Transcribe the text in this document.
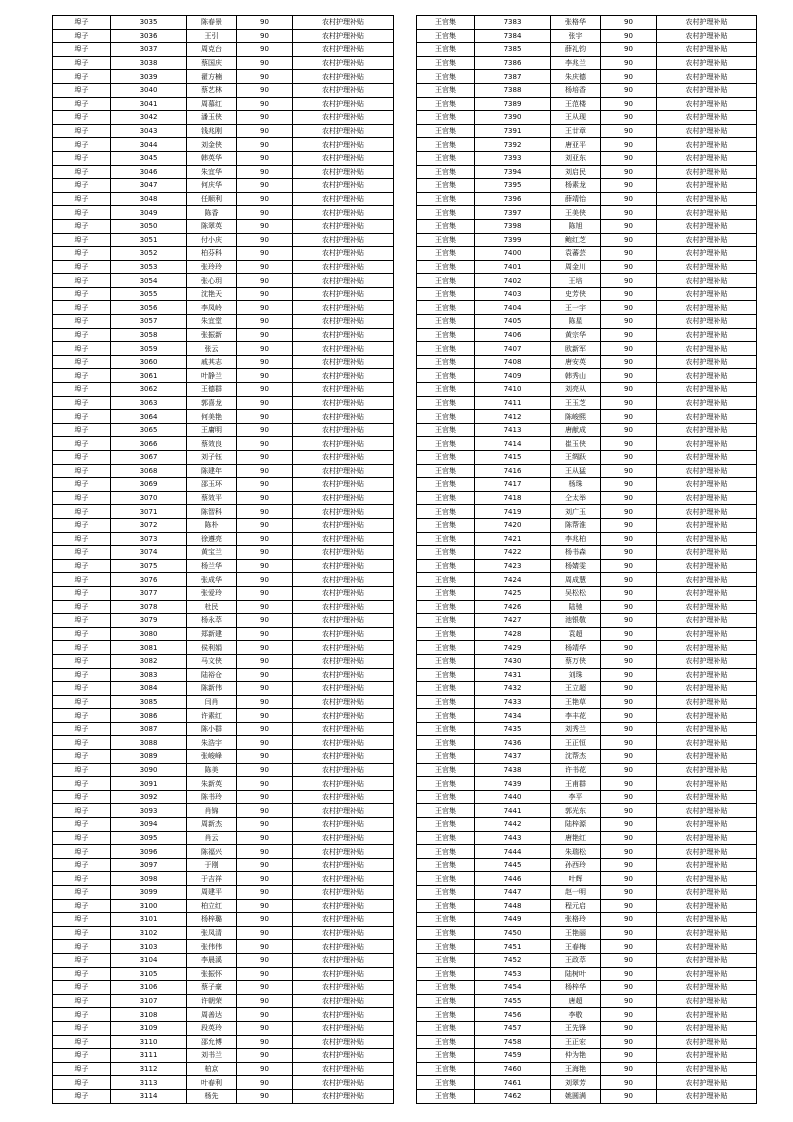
埠子	3035	陈春景	90	农村护理补贴
埠子	3036	王引	90	农村护理补贴
埠子	3037	周克台	90	农村护理补贴
埠子	3038	蔡国庆	90	农村护理补贴
埠子	3039	翟方楠	90	农村护理补贴
埠子	3040	蔡艺林	90	农村护理补贴
埠子	3041	周慕红	90	农村护理补贴
埠子	3042	潘玉侠	90	农村护理补贴
埠子	3043	钱兆刚	90	农村护理补贴
埠子	3044	刘金侠	90	农村护理补贴
埠子	3045	韩英华	90	农村护理补贴
埠子	3046	朱宜华	90	农村护理补贴
埠子	3047	何庆华	90	农村护理补贴
埠子	3048	任顺利	90	农村护理补贴
埠子	3049	陈香	90	农村护理补贴
埠子	3050	陈翠英	90	农村护理补贴
埠子	3051	付小庆	90	农村护理补贴
埠子	3052	柏芬科	90	农村护理补贴
埠子	3053	张玲玲	90	农村护理补贴
埠子	3054	张心玥	90	农村护理补贴
埠子	3055	沈艳天	90	农村护理补贴
埠子	3056	李凤岭	90	农村护理补贴
埠子	3057	朱宜堂	90	农村护理补贴
埠子	3058	张振新	90	农村护理补贴
埠子	3059	张云	90	农村护理补贴
埠子	3060	戚其志	90	农村护理补贴
埠子	3061	叶静兰	90	农村护理补贴
埠子	3062	王德群	90	农村护理补贴
埠子	3063	郭喜龙	90	农村护理补贴
埠子	3064	何美艳	90	农村护理补贴
埠子	3065	王庸明	90	农村护理补贴
埠子	3066	蔡效良	90	农村护理补贴
埠子	3067	刘子钰	90	农村护理补贴
埠子	3068	陈建年	90	农村护理补贴
埠子	3069	邵玉环	90	农村护理补贴
埠子	3070	蔡效平	90	农村护理补贴
埠子	3071	陈智科	90	农村护理补贴
埠子	3072	陈朴	90	农村护理补贴
埠子	3073	徐遵亮	90	农村护理补贴
埠子	3074	黄宝兰	90	农村护理补贴
埠子	3075	杨兰华	90	农村护理补贴
埠子	3076	张成华	90	农村护理补贴
埠子	3077	张爱玲	90	农村护理补贴
埠子	3078	杜民	90	农村护理补贴
埠子	3079	杨永萃	90	农村护理补贴
埠子	3080	郑新建	90	农村护理补贴
埠子	3081	侯利娟	90	农村护理补贴
埠子	3082	马文侠	90	农村护理补贴
埠子	3083	陆裕仓	90	农村护理补贴
埠子	3084	陈新伟	90	农村护理补贴
埠子	3085	闫肖	90	农村护理补贴
埠子	3086	许素红	90	农村护理补贴
埠子	3087	陈小群	90	农村护理补贴
埠子	3088	朱浩宇	90	农村护理补贴
埠子	3089	张峻峰	90	农村护理补贴
埠子	3090	陈美	90	农村护理补贴
埠子	3091	朱新英	90	农村护理补贴
埠子	3092	陈书玲	90	农村护理补贴
埠子	3093	肖锦	90	农村护理补贴
埠子	3094	周新杰	90	农村护理补贴
埠子	3095	肖云	90	农村护理补贴
埠子	3096	陈福兴	90	农村护理补贴
埠子	3097	于刚	90	农村护理补贴
埠子	3098	于吉祥	90	农村护理补贴
埠子	3099	周建平	90	农村护理补贴
埠子	3100	柏立红	90	农村护理补贴
埠子	3101	杨梓璐	90	农村护理补贴
埠子	3102	张凤清	90	农村护理补贴
埠子	3103	张伟伟	90	农村护理补贴
埠子	3104	李晨溪	90	农村护理补贴
埠子	3105	张振怀	90	农村护理补贴
埠子	3106	蔡子豪	90	农村护理补贴
埠子	3107	许朝荣	90	农村护理补贴
埠子	3108	周善达	90	农村护理补贴
埠子	3109	段英玲	90	农村护理补贴
埠子	3110	邵允博	90	农村护理补贴
埠子	3111	刘书兰	90	农村护理补贴
埠子	3112	柏京	90	农村护理补贴
埠子	3113	叶春利	90	农村护理补贴
埠子	3114	杨先	90	农村护理补贴
王官集	7383	张格华	90	农村护理补贴
王官集	7384	张宇	90	农村护理补贴
王官集	7385	薛礼钧	90	农村护理补贴
王官集	7386	李兆兰	90	农村护理补贴
王官集	7387	朱庆德	90	农村护理补贴
王官集	7388	杨培香	90	农村护理补贴
王官集	7389	王范楼	90	农村护理补贴
王官集	7390	王从现	90	农村护理补贴
王官集	7391	王廿章	90	农村护理补贴
王官集	7392	唐亚平	90	农村护理补贴
王官集	7393	刘亚东	90	农村护理补贴
王官集	7394	刘启民	90	农村护理补贴
王官集	7395	杨素龙	90	农村护理补贴
王官集	7396	薛靖怡	90	农村护理补贴
王官集	7397	王美侠	90	农村护理补贴
王官集	7398	陈旭	90	农村护理补贴
王官集	7399	鲍红芝	90	农村护理补贴
王官集	7400	袁蕃芸	90	农村护理补贴
王官集	7401	周金川	90	农村护理补贴
王官集	7402	王培	90	农村护理补贴
王官集	7403	史芳侠	90	农村护理补贴
王官集	7404	王一宇	90	农村护理补贴
王官集	7405	陈星	90	农村护理补贴
王官集	7406	黄宗华	90	农村护理补贴
王官集	7407	欧新军	90	农村护理补贴
王官集	7408	唐安英	90	农村护理补贴
王官集	7409	韩秀山	90	农村护理补贴
王官集	7410	刘亮从	90	农村护理补贴
王官集	7411	王玉芝	90	农村护理补贴
王官集	7412	陈峻熙	90	农村护理补贴
王官集	7413	唐献成	90	农村护理补贴
王官集	7414	崔玉侠	90	农村护理补贴
王官集	7415	王绸跃	90	农村护理补贴
王官集	7416	王从猛	90	农村护理补贴
王官集	7417	杨珠	90	农村护理补贴
王官集	7418	仝太举	90	农村护理补贴
王官集	7419	刘广玉	90	农村护理补贴
王官集	7420	陈帮淮	90	农村护理补贴
王官集	7421	李兆柏	90	农村护理补贴
王官集	7422	杨书森	90	农村护理补贴
王官集	7423	杨婧雯	90	农村护理补贴
王官集	7424	周成慧	90	农村护理补贴
王官集	7425	吴松松	90	农村护理补贴
王官集	7426	陆驰	90	农村护理补贴
王官集	7427	池银敬	90	农村护理补贴
王官集	7428	袁超	90	农村护理补贴
王官集	7429	杨靖华	90	农村护理补贴
王官集	7430	蔡万侠	90	农村护理补贴
王官集	7431	刘珠	90	农村护理补贴
王官集	7432	王立超	90	农村护理补贴
王官集	7433	王艳草	90	农村护理补贴
王官集	7434	李丰花	90	农村护理补贴
王官集	7435	刘秀兰	90	农村护理补贴
王官集	7436	王正恒	90	农村护理补贴
王官集	7437	沈帮杰	90	农村护理补贴
王官集	7438	许书花	90	农村护理补贴
王官集	7439	王甫群	90	农村护理补贴
王官集	7440	李平	90	农村护理补贴
王官集	7441	郭光东	90	农村护理补贴
王官集	7442	陆梓源	90	农村护理补贴
王官集	7443	唐艳红	90	农村护理补贴
王官集	7444	朱瑞松	90	农村护理补贴
王官集	7445	孙西玲	90	农村护理补贴
王官集	7446	叶辉	90	农村护理补贴
王官集	7447	赵一明	90	农村护理补贴
王官集	7448	程元启	90	农村护理补贴
王官集	7449	张格玲	90	农村护理补贴
王官集	7450	王艳丽	90	农村护理补贴
王官集	7451	王春梅	90	农村护理补贴
王官集	7452	王政萃	90	农村护理补贴
王官集	7453	陆树叶	90	农村护理补贴
王官集	7454	杨梓华	90	农村护理补贴
王官集	7455	唐超	90	农村护理补贴
王官集	7456	李敬	90	农村护理补贴
王官集	7457	王先锋	90	农村护理补贴
王官集	7458	王正宏	90	农村护理补贴
王官集	7459	仲为艳	90	农村护理补贴
王官集	7460	王海艳	90	农村护理补贴
王官集	7461	刘翠芳	90	农村护理补贴
王官集	7462	姚圆满	90	农村护理补贴
